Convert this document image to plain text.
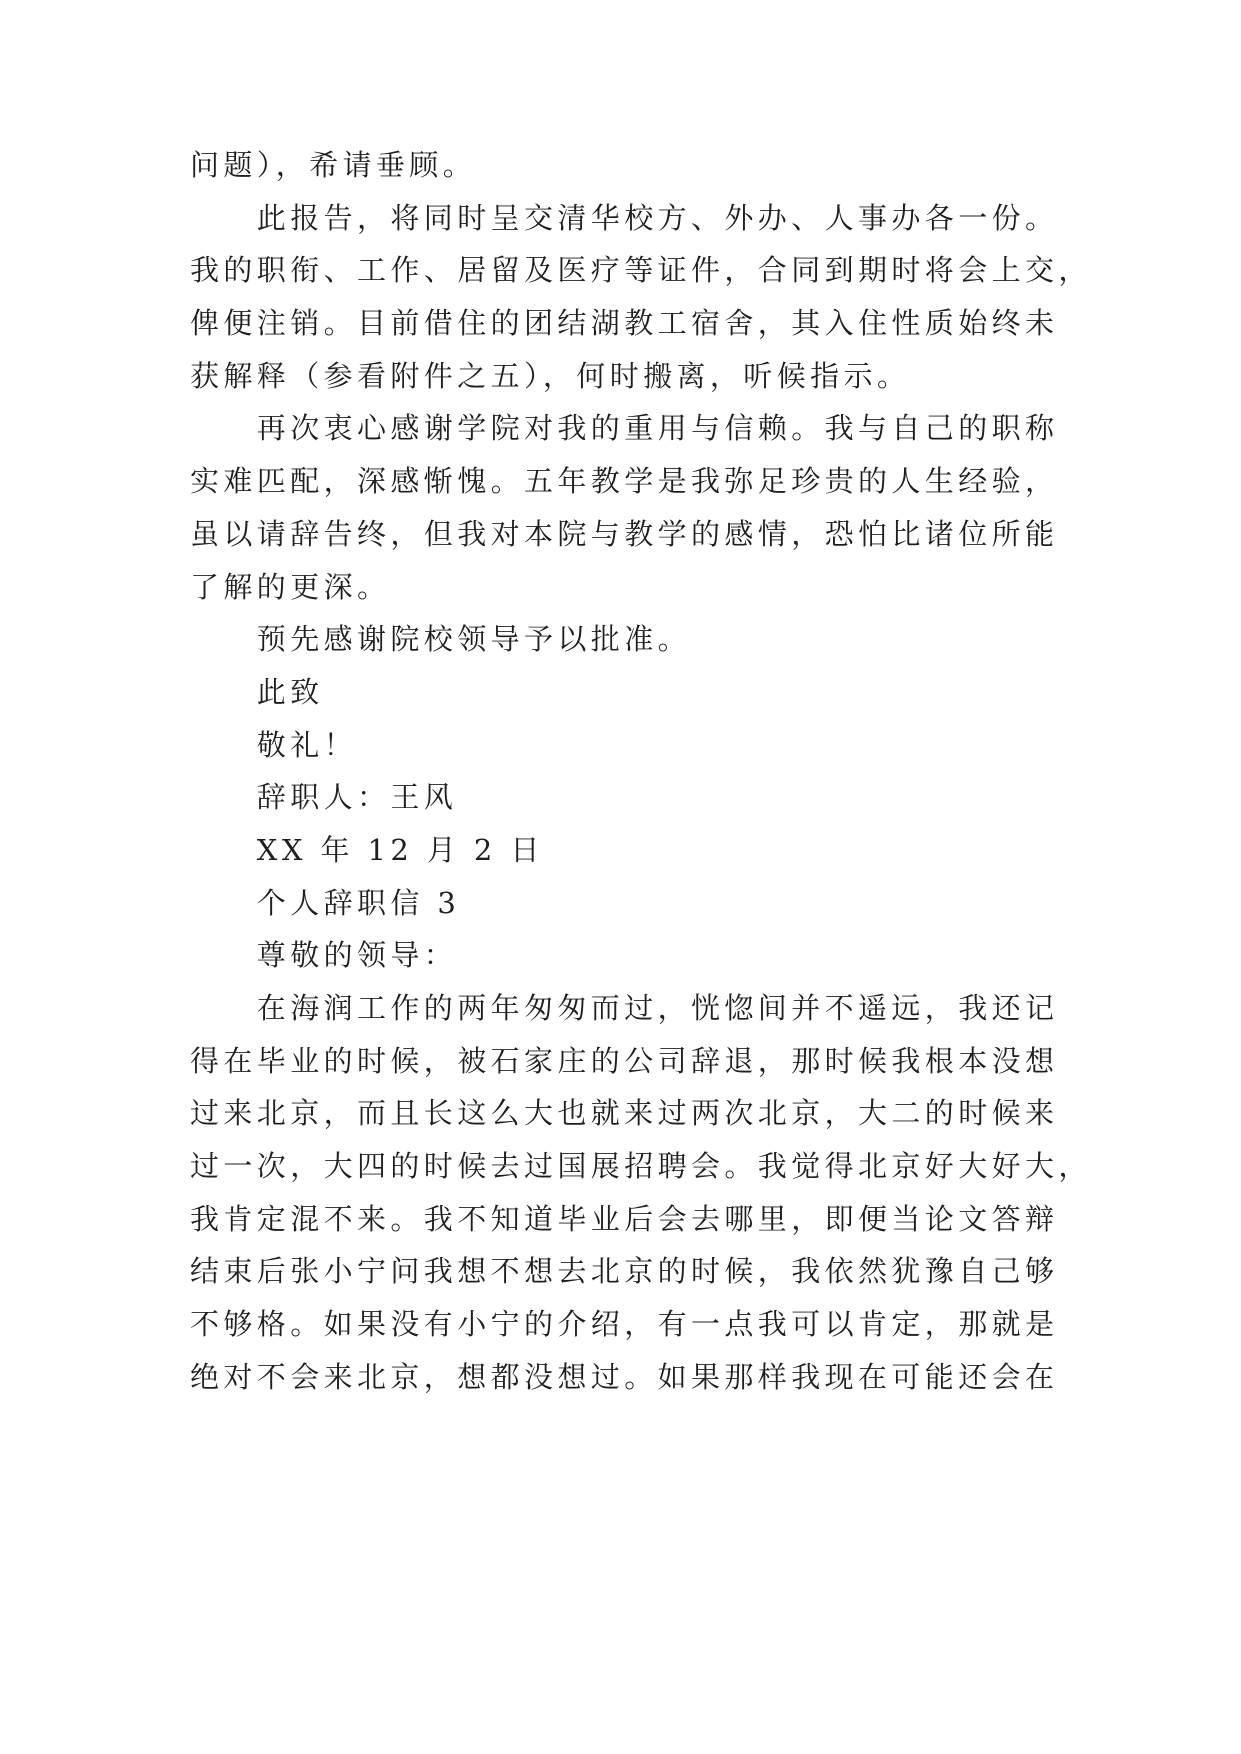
问题），希请垂顾。
此报告，将同时呈交清华校方、外办、人事办各一份。
我的职衔、工作、居留及医疗等证件，合同到期时将会上交，
俾便注销。目前借住的团结湖教工宿舍，其入住性质始终未
获解释（参看附件之五），何时搬离，听候指示。
再次衷心感谢学院对我的重用与信赖。我与自己的职称
实难匹配，深感惭愧。五年教学是我弥足珍贵的人生经验，
虽以请辞告终，但我对本院与教学的感情，恐怕比诸位所能
了解的更深。
预先感谢院校领导予以批准。
此致
敬礼！
辞职人：王风
XX 年 12 月 2 日
个人辞职信 3
尊敬的领导：
在海润工作的两年匆匆而过，恍惚间并不遥远，我还记
得在毕业的时候，被石家庄的公司辞退，那时候我根本没想
过来北京，而且长这么大也就来过两次北京，大二的时候来
过一次，大四的时候去过国展招聘会。我觉得北京好大好大，
我肯定混不来。我不知道毕业后会去哪里，即便当论文答辩
结束后张小宁问我想不想去北京的时候，我依然犹豫自己够
不够格。如果没有小宁的介绍，有一点我可以肯定，那就是
绝对不会来北京，想都没想过。如果那样我现在可能还会在
